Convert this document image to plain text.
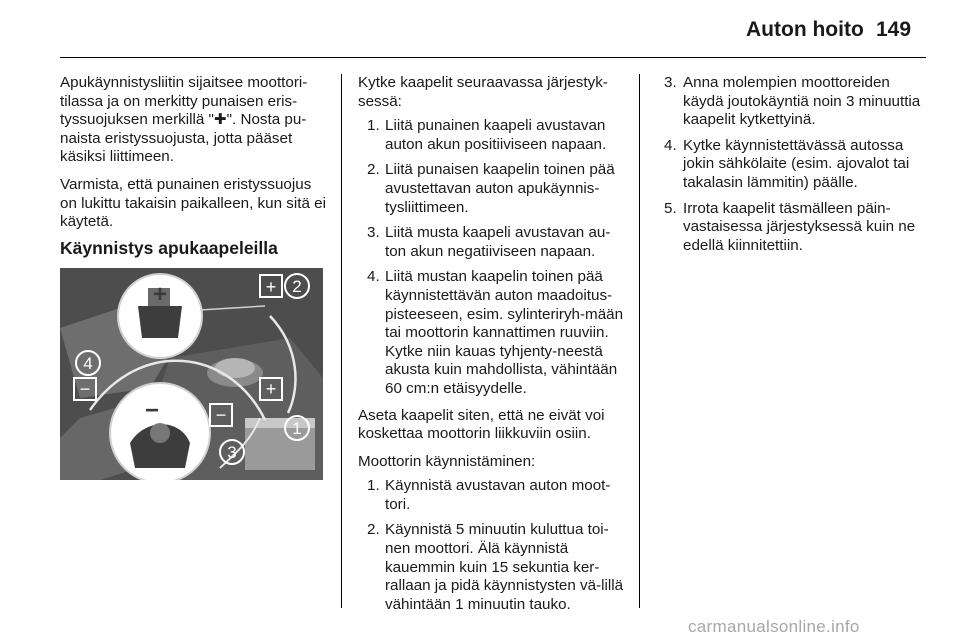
Auton hoito 149

Apukäynnistysliitin sijaitsee moottori-tilassa ja on merkitty punaisen eris-tyssuojuksen merkillä "✚". Nosta pu-naista eristyssuojusta, jotta pääset käsiksi liittimeen.

Varmista, että punainen eristyssuojus on lukittu takaisin paikalleen, kun sitä ei käytetä.

Käynnistys apukaapeleilla
+ 2
4
−
−
+
1
3
+
−

Kytke kaapelit seuraavassa järjestyk-sessä:

1. Liitä punainen kaapeli avustavan auton akun positiiviseen napaan.
2. Liitä punaisen kaapelin toinen pää avustettavan auton apukäynnis-tysliittimeen.
3. Liitä musta kaapeli avustavan au-ton akun negatiiviseen napaan.
4. Liitä mustan kaapelin toinen pää käynnistettävän auton maadoitus-pisteeseen, esim. sylinteriryh-mään tai moottorin kannattimen ruuviin. Kytke niin kauas tyhjenty-neestä akusta kuin mahdollista, vähintään 60 cm:n etäisyydelle.

Aseta kaapelit siten, että ne eivät voi koskettaa moottorin liikkuviin osiin.

Moottorin käynnistäminen:

1. Käynnistä avustavan auton moot-tori.
2. Käynnistä 5 minuutin kuluttua toi-nen moottori. Älä käynnistä kauemmin kuin 15 sekuntia ker-rallaan ja pidä käynnistysten vä-lillä vähintään 1 minuutin tauko.
3. Anna molempien moottoreiden käydä joutokäyntiä noin 3 minuuttia kaapelit kytkettyinä.
4. Kytke käynnistettävässä autossa jokin sähkölaite (esim. ajovalot tai takalasin lämmitin) päälle.
5. Irrota kaapelit täsmälleen päin-vastaisessa järjestyksessä kuin ne edellä kiinnitettiin.
carmanualsonline.info
